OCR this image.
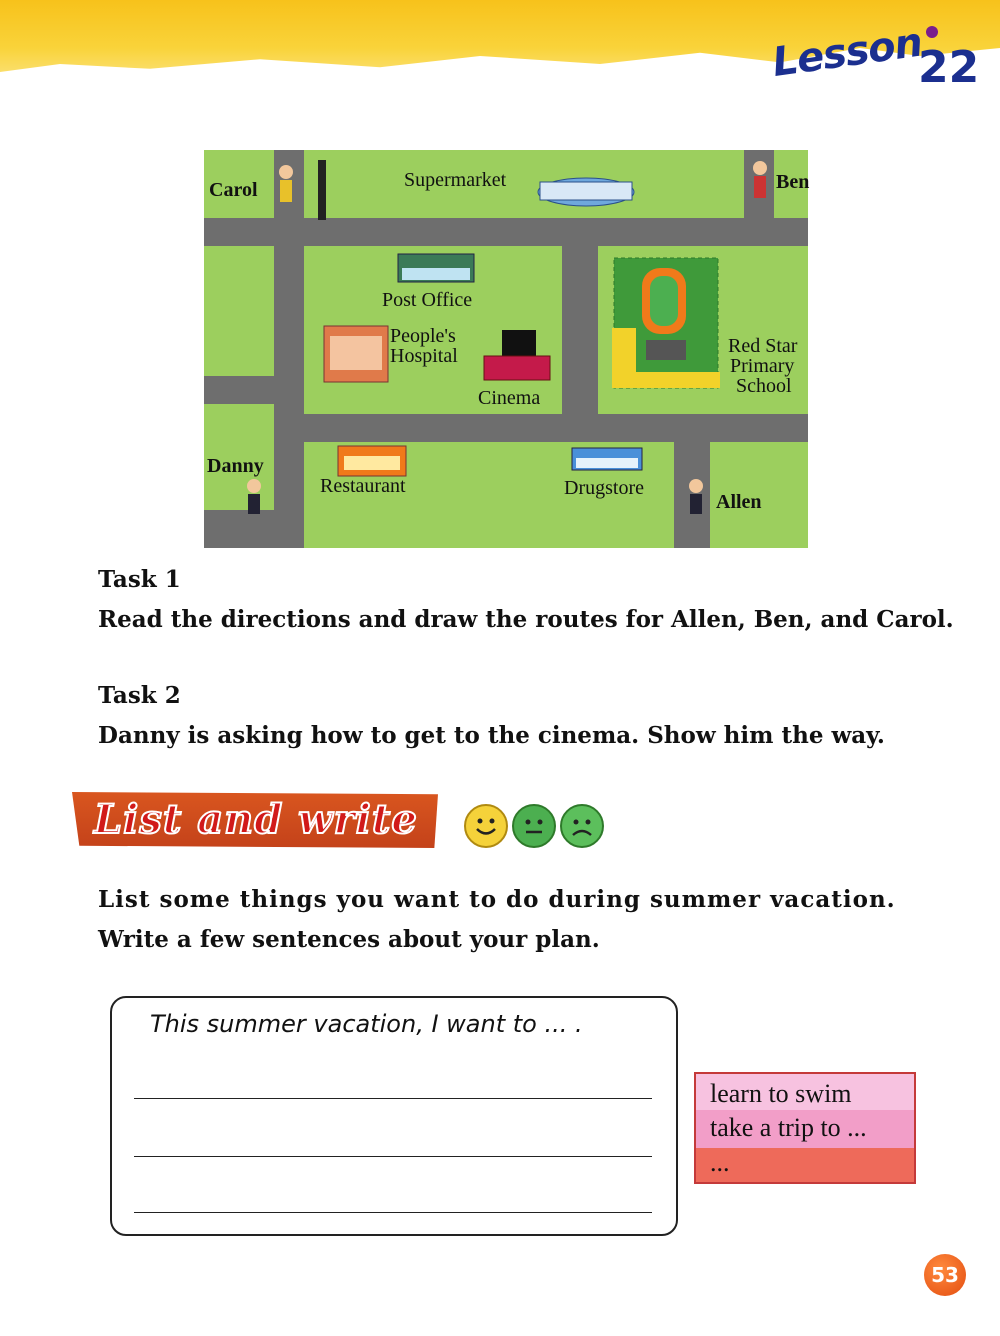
Lesson
22
Carol	Ben
Danny
Allen
Supermarket
Post Office
People's
Hospital
Cinema
Red Star
Primary
School
Restaurant	Drugstore
Task 1
Read the directions and draw the routes for Allen, Ben, and Carol.
Task 2
Danny is asking how to get to the cinema. Show him the way.
List and write
List some things you want to do during summer vacation.
Write a few sentences about your plan.
This summer vacation, I want to ... .
learn to swim
take a trip to ...
...
53
